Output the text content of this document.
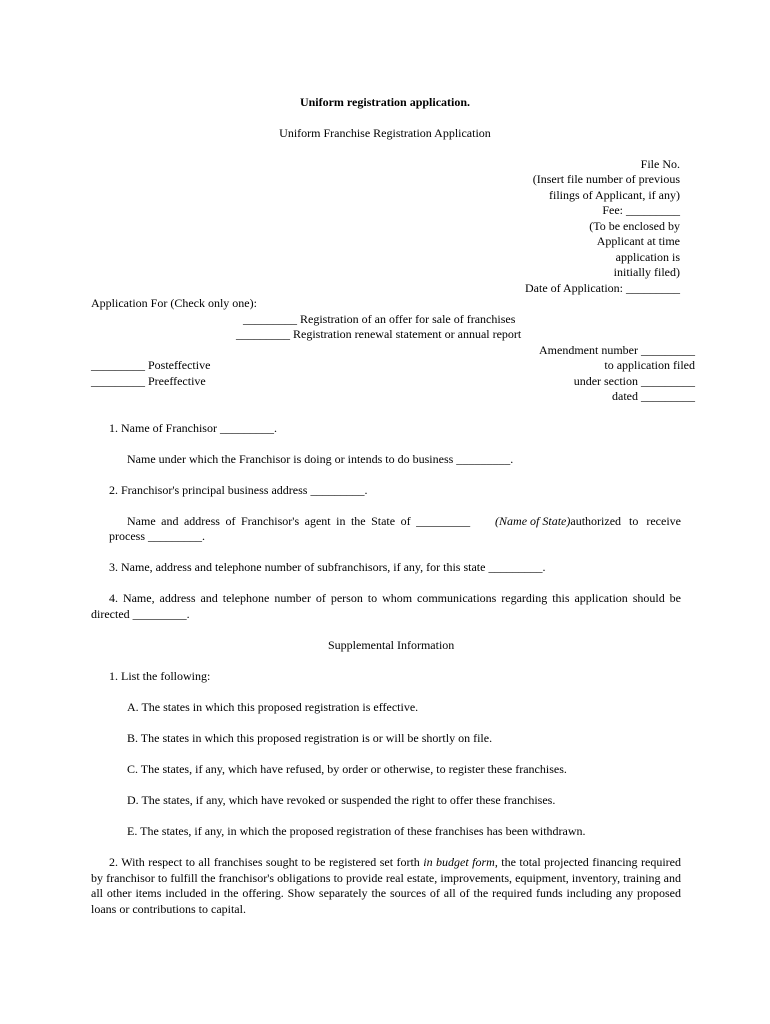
Uniform registration application.
Uniform Franchise Registration Application
File No.
(Insert file number of previous
filings of Applicant, if any)
Fee: _________
(To be enclosed by
Applicant at time
application is
initially filed)
Date of Application: _________
Application For (Check only one):
_________ Registration of an offer for sale of franchises
_________ Registration renewal statement or annual report
Amendment number _________
_________ Posteffective	to application filed
_________ Preeffective	under section _________
dated _________
1. Name of Franchisor _________.
Name under which the Franchisor is doing or intends to do business _________.
2. Franchisor's principal business address _________.
Name and address of Franchisor's agent in the State of _________ (Name of State) authorized to receive
process _________.
3. Name, address and telephone number of subfranchisors, if any, for this state _________.
4. Name, address and telephone number of person to whom communications regarding this application should be
directed _________.
Supplemental Information
1. List the following:
A. The states in which this proposed registration is effective.
B. The states in which this proposed registration is or will be shortly on file.
C. The states, if any, which have refused, by order or otherwise, to register these franchises.
D. The states, if any, which have revoked or suspended the right to offer these franchises.
E. The states, if any, in which the proposed registration of these franchises has been withdrawn.
2. With respect to all franchises sought to be registered set forth in budget form, the total projected financing required by franchisor to fulfill the franchisor's obligations to provide real estate, improvements, equipment, inventory, training and all other items included in the offering. Show separately the sources of all of the required funds including any proposed loans or contributions to capital.
